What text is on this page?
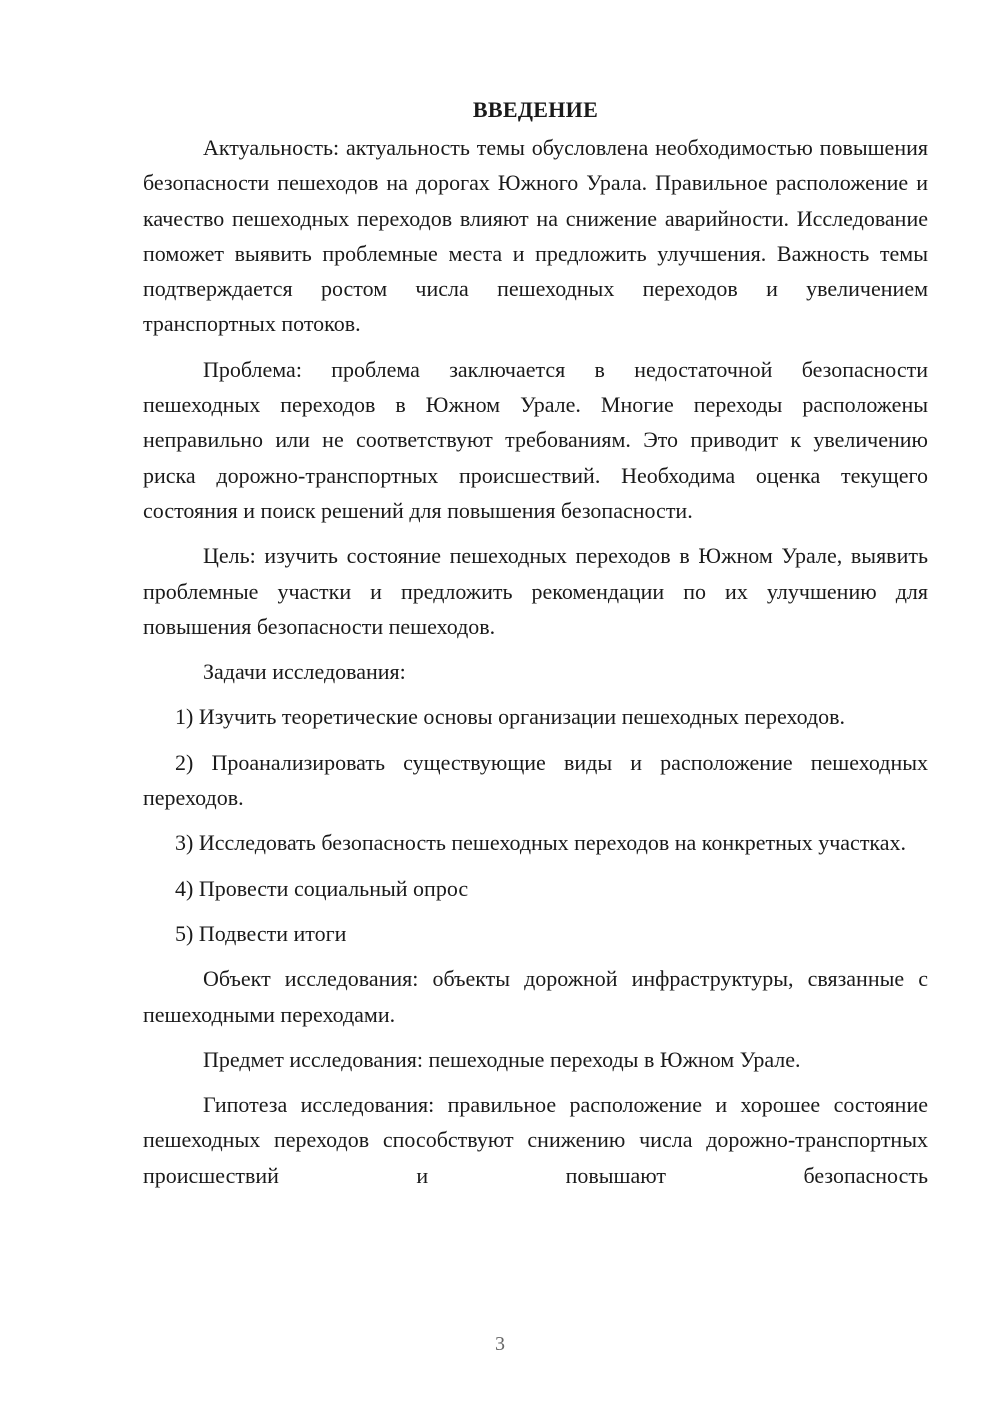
ВВЕДЕНИЕ

Актуальность: актуальность темы обусловлена необходимостью повышения безопасности пешеходов на дорогах Южного Урала. Правильное расположение и качество пешеходных переходов влияют на снижение аварийности. Исследование поможет выявить проблемные места и предложить улучшения. Важность темы подтверждается ростом числа пешеходных переходов и увеличением транспортных потоков.

Проблема: проблема заключается в недостаточной безопасности пешеходных переходов в Южном Урале. Многие переходы расположены неправильно или не соответствуют требованиям. Это приводит к увеличению риска дорожно-транспортных происшествий. Необходима оценка текущего состояния и поиск решений для повышения безопасности.

Цель: изучить состояние пешеходных переходов в Южном Урале, выявить проблемные участки и предложить рекомендации по их улучшению для повышения безопасности пешеходов.

Задачи исследования:

1) Изучить теоретические основы организации пешеходных переходов.

2) Проанализировать существующие виды и расположение пешеходных переходов.

3) Исследовать безопасность пешеходных переходов на конкретных участках.

4) Провести социальный опрос

5) Подвести итоги

Объект исследования: объекты дорожной инфраструктуры, связанные с пешеходными переходами.

Предмет исследования: пешеходные переходы в Южном Урале.

Гипотеза исследования: правильное расположение и хорошее состояние пешеходных переходов способствуют снижению числа дорожно-транспортных происшествий и повышают безопасность

3
